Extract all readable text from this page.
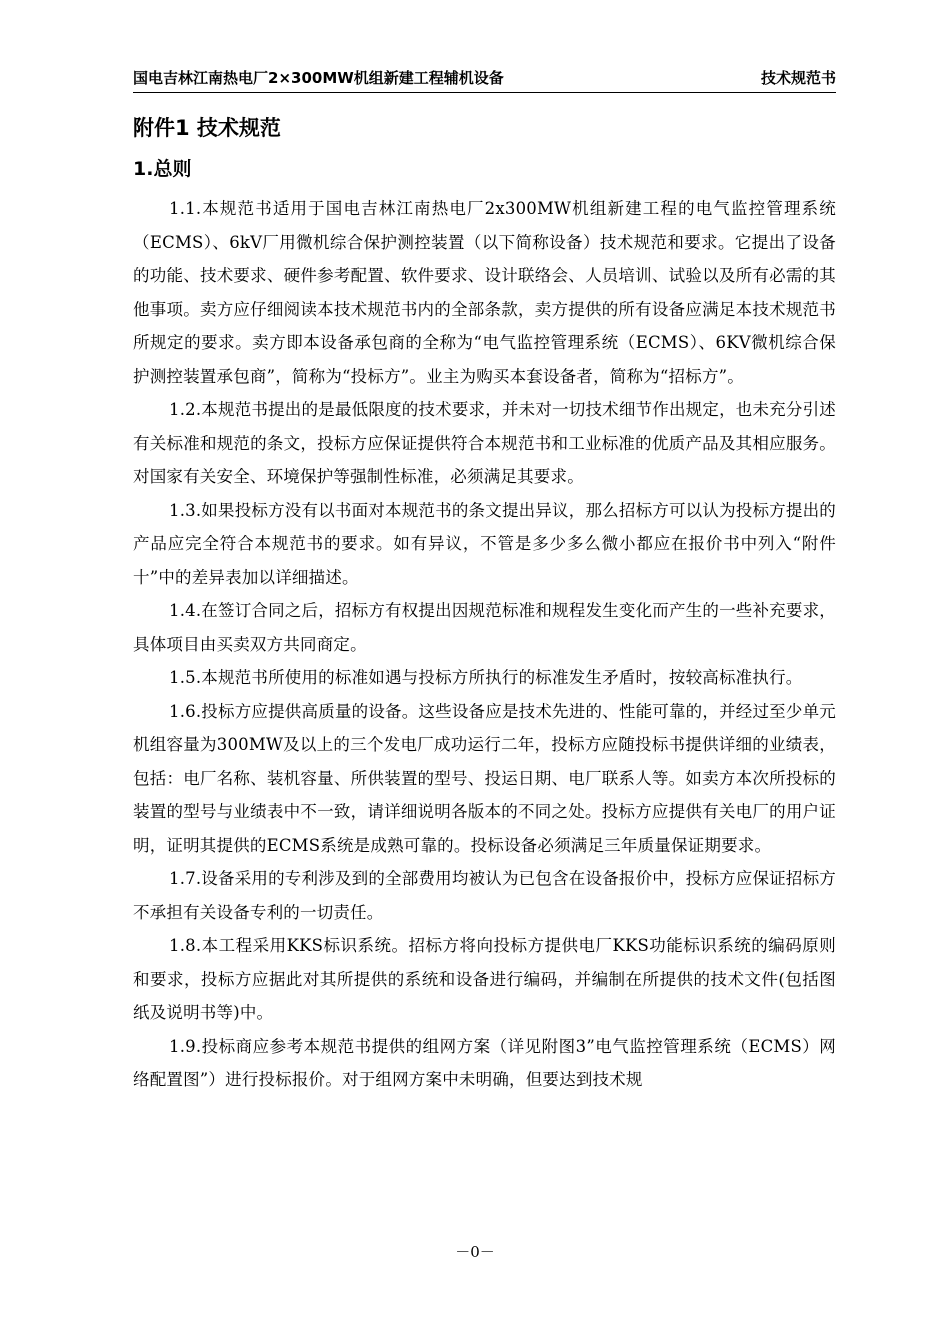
国电吉林江南热电厂2×300MW机组新建工程辅机设备	技术规范书
附件1 技术规范
1.总则

1.1.本规范书适用于国电吉林江南热电厂2x300MW机组新建工程的电气监控管理系统（ECMS）、6kV厂用微机综合保护测控装置（以下简称设备）技术规范和要求。它提出了设备的功能、技术要求、硬件参考配置、软件要求、设计联络会、人员培训、试验以及所有必需的其他事项。卖方应仔细阅读本技术规范书内的全部条款，卖方提供的所有设备应满足本技术规范书所规定的要求。卖方即本设备承包商的全称为“电气监控管理系统（ECMS）、6KV微机综合保护测控装置承包商”，简称为“投标方”。业主为购买本套设备者，简称为“招标方”。

1.2.本规范书提出的是最低限度的技术要求，并未对一切技术细节作出规定，也未充分引述有关标准和规范的条文，投标方应保证提供符合本规范书和工业标准的优质产品及其相应服务。对国家有关安全、环境保护等强制性标准，必须满足其要求。

1.3.如果投标方没有以书面对本规范书的条文提出异议，那么招标方可以认为投标方提出的产品应完全符合本规范书的要求。如有异议，不管是多少多么微小都应在报价书中列入“附件十”中的差异表加以详细描述。

1.4.在签订合同之后，招标方有权提出因规范标准和规程发生变化而产生的一些补充要求，具体项目由买卖双方共同商定。

1.5.本规范书所使用的标准如遇与投标方所执行的标准发生矛盾时，按较高标准执行。

1.6.投标方应提供高质量的设备。这些设备应是技术先进的、性能可靠的，并经过至少单元机组容量为300MW及以上的三个发电厂成功运行二年，投标方应随投标书提供详细的业绩表，包括：电厂名称、装机容量、所供装置的型号、投运日期、电厂联系人等。如卖方本次所投标的装置的型号与业绩表中不一致，请详细说明各版本的不同之处。投标方应提供有关电厂的用户证明，证明其提供的ECMS系统是成熟可靠的。投标设备必须满足三年质量保证期要求。

1.7.设备采用的专利涉及到的全部费用均被认为已包含在设备报价中，投标方应保证招标方不承担有关设备专利的一切责任。

1.8.本工程采用KKS标识系统。招标方将向投标方提供电厂KKS功能标识系统的编码原则和要求，投标方应据此对其所提供的系统和设备进行编码，并编制在所提供的技术文件(包括图纸及说明书等)中。

1.9.投标商应参考本规范书提供的组网方案（详见附图3”电气监控管理系统（ECMS）网络配置图”）进行投标报价。对于组网方案中未明确，但要达到技术规

－0－
